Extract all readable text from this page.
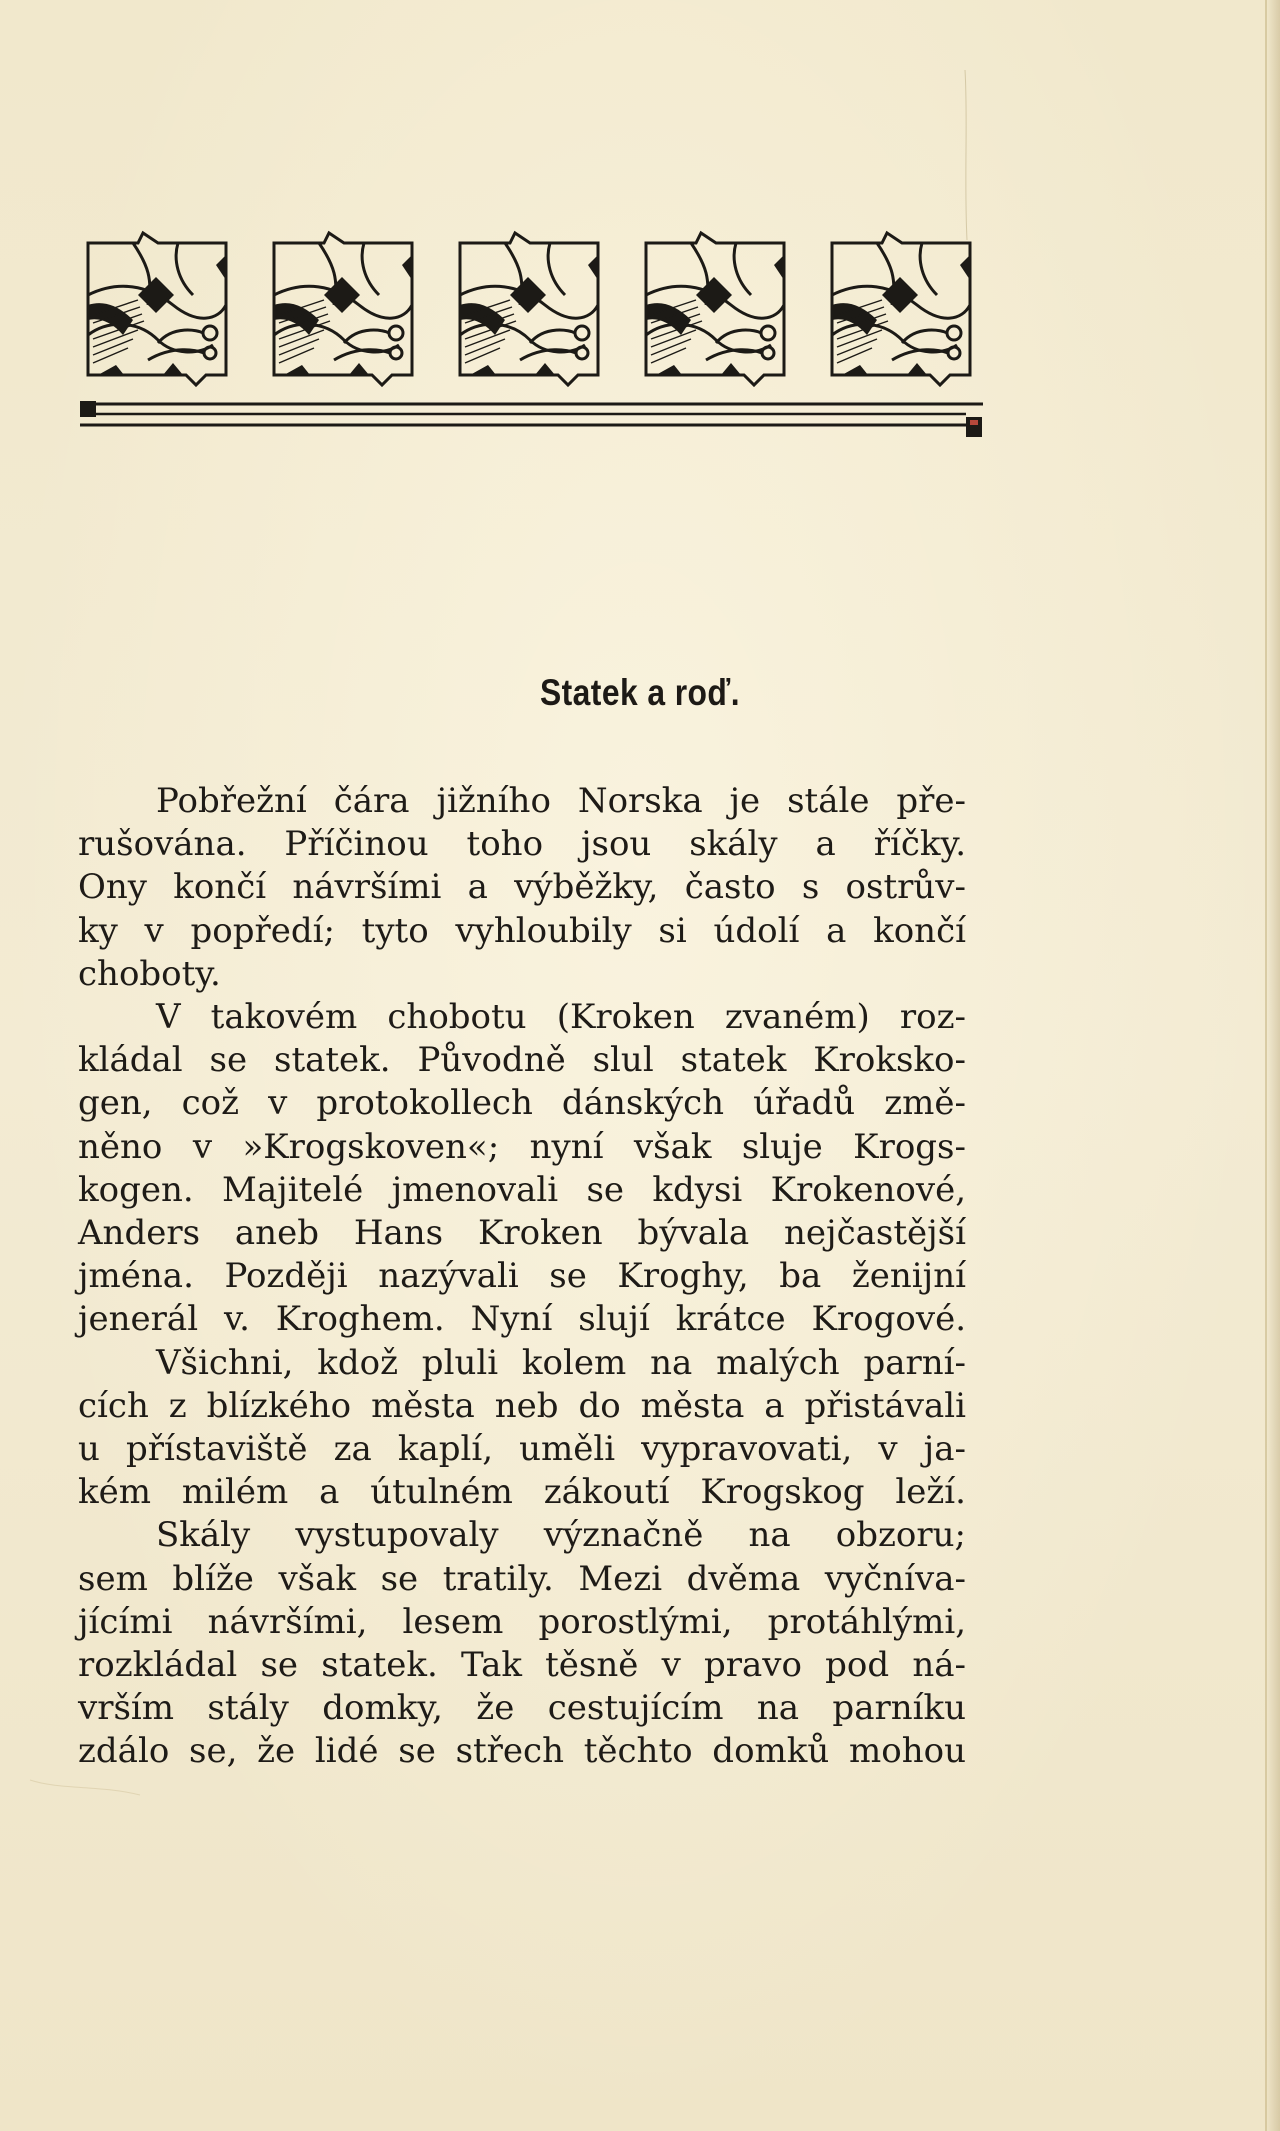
Statek a roď.
Pobřežní čára jižního Norska je stále pře-
rušována. Příčinou toho jsou skály a říčky.
Ony končí návršími a výběžky, často s ostrův-
ky v popředí; tyto vyhloubily si údolí a končí
choboty.
V takovém chobotu (Kroken zvaném) roz-
kládal se statek. Původně slul statek Krokskо-
gen, což v protokollech dánských úřadů změ-
něno v »Krogskoven«; nyní však sluje Krogs-
kogen. Majitelé jmenovali se kdysi Krokenové,
Anders aneb Hans Kroken bývala nejčastější
jména. Později nazývali se Kroghy, ba ženijní
jenerál v. Kroghem. Nyní slují krátce Krogové.
Všichni, kdož pluli kolem na malých parní-
cích z blízkého města neb do města a přistávali
u přístaviště za kaplí, uměli vypravovati, v ja-
kém milém a útulném zákoutí Krogskog leží.
Skály vystupovaly význačně na obzoru;
sem blíže však se tratily. Mezi dvěma vyčníva-
jícími návršími, lesem porostlými, protáhlými,
rozkládal se statek. Tak těsně v pravo pod ná-
vrším stály domky, že cestujícím na parníku
zdálo se, že lidé se střech těchto domků mohou
